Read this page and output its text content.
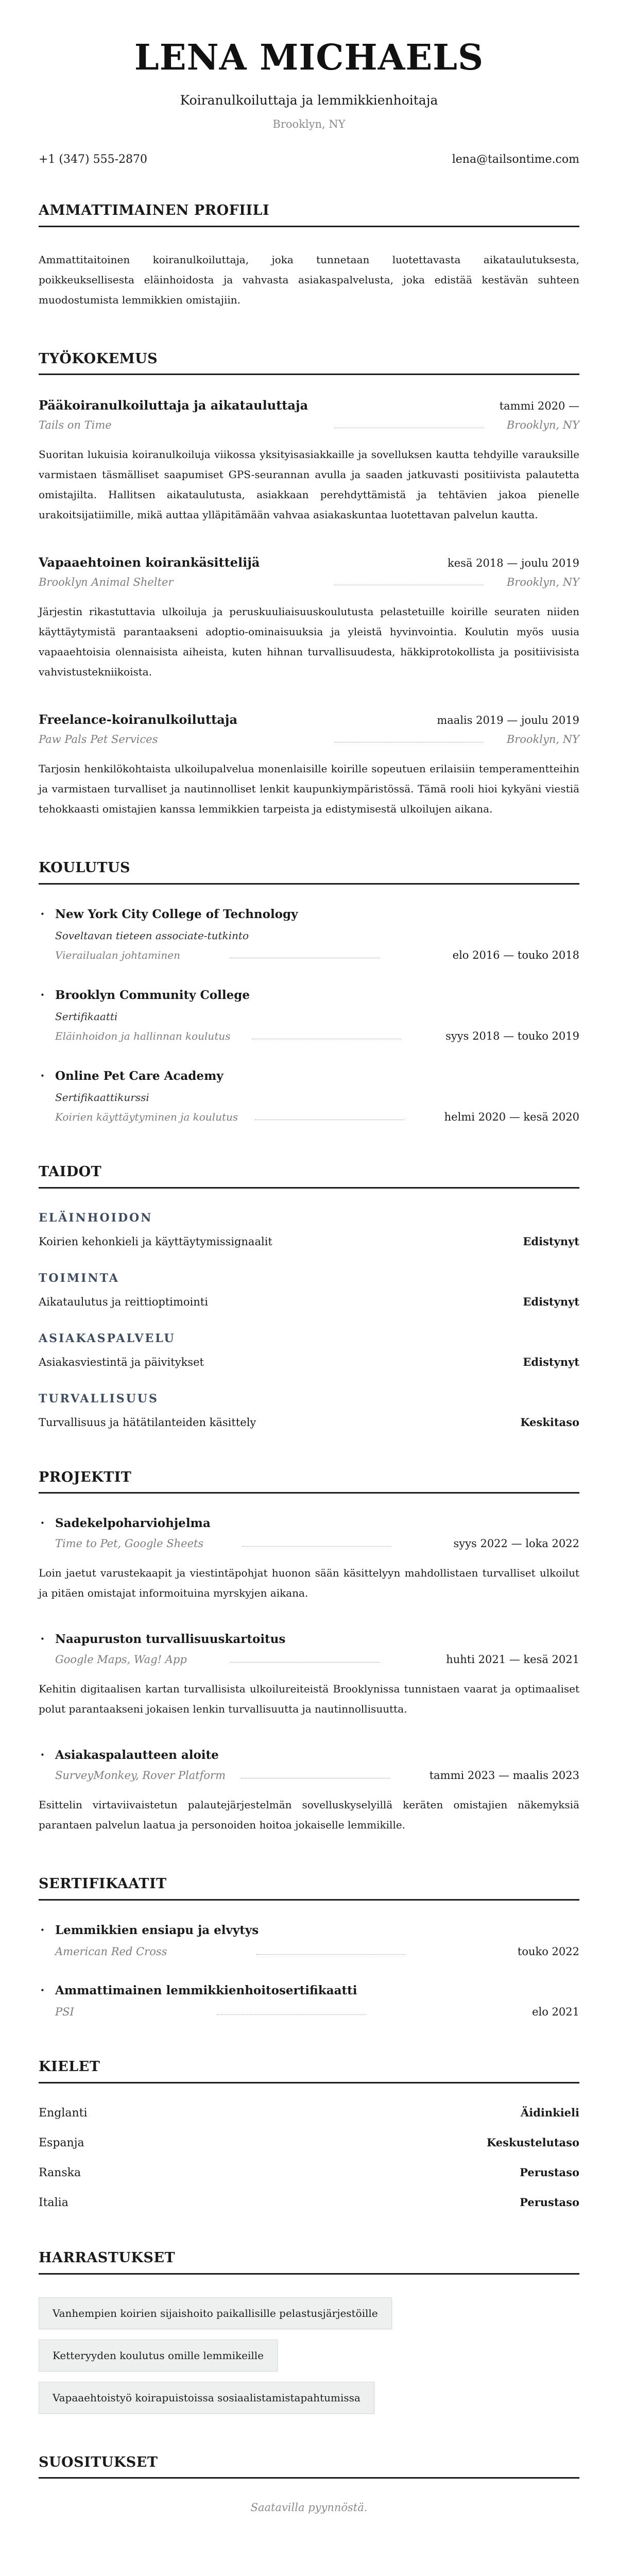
LENA MICHAELS
Koiranulkoiluttaja ja lemmikkienhoitaja
Brooklyn, NY
+1 (347) 555-2870	lena@tailsontime.com
AMMATTIMAINEN PROFIILI

Ammattitaitoinen koiranulkoiluttaja, joka tunnetaan luotettavasta aikataulutuksesta, poikkeuksellisesta eläinhoidosta ja vahvasta asiakaspalvelusta, joka edistää kestävän suhteen muodostumista lemmikkien omistajiin.

TYÖKOKEMUS
Pääkoiranulkoiluttaja ja aikatauluttaja	tammi 2020 —
Tails on Time	Brooklyn, NY

Suoritan lukuisia koiranulkoiluja viikossa yksityisasiakkaille ja sovelluksen kautta tehdyille varauksille varmistaen täsmälliset saapumiset GPS-seurannan avulla ja saaden jatkuvasti positiivista palautetta omistajilta. Hallitsen aikataulutusta, asiakkaan perehdyttämistä ja tehtävien jakoa pienelle urakoitsijatiimille, mikä auttaa ylläpitämään vahvaa asiakaskuntaa luotettavan palvelun kautta.

Vapaaehtoinen koirankäsittelijä	kesä 2018 — joulu 2019
Brooklyn Animal Shelter	Brooklyn, NY

Järjestin rikastuttavia ulkoiluja ja peruskuuliaisuuskoulutusta pelastetuille koirille seuraten niiden käyttäytymistä parantaakseni adoptio-ominaisuuksia ja yleistä hyvinvointia. Koulutin myös uusia vapaaehtoisia olennaisista aiheista, kuten hihnan turvallisuudesta, häkkiprotokollista ja positiivisista vahvistustekniikoista.

Freelance-koiranulkoiluttaja	maalis 2019 — joulu 2019
Paw Pals Pet Services	Brooklyn, NY

Tarjosin henkilökohtaista ulkoilupalvelua monenlaisille koirille sopeutuen erilaisiin temperamentteihin ja varmistaen turvalliset ja nautinnolliset lenkit kaupunkiympäristössä. Tämä rooli hioi kykyäni viestiä tehokkaasti omistajien kanssa lemmikkien tarpeista ja edistymisestä ulkoilujen aikana.

KOULUTUS
• New York City College of Technology
Soveltavan tieteen associate-tutkinto
Vierailualan johtaminen	elo 2016 — touko 2018
• Brooklyn Community College
Sertifikaatti
Eläinhoidon ja hallinnan koulutus	syys 2018 — touko 2019
• Online Pet Care Academy
Sertifikaattikurssi
Koirien käyttäytyminen ja koulutus	helmi 2020 — kesä 2020
TAIDOT
ELÄINHOIDON
Koirien kehonkieli ja käyttäytymissignaalit	Edistynyt
TOIMINTA
Aikataulutus ja reittioptimointi	Edistynyt
ASIAKASPALVELU
Asiakasviestintä ja päivitykset	Edistynyt
TURVALLISUUS
Turvallisuus ja hätätilanteiden käsittely	Keskitaso
PROJEKTIT
• Sadekelpoharviohjelma
Time to Pet, Google Sheets	syys 2022 — loka 2022

Loin jaetut varustekaapit ja viestintäpohjat huonon sään käsittelyyn mahdollistaen turvalliset ulkoilut ja pitäen omistajat informoituina myrskyjen aikana.

• Naapuruston turvallisuuskartoitus
Google Maps, Wag! App	huhti 2021 — kesä 2021

Kehitin digitaalisen kartan turvallisista ulkoilureiteistä Brooklynissa tunnistaen vaarat ja optimaaliset polut parantaakseni jokaisen lenkin turvallisuutta ja nautinnollisuutta.

• Asiakaspalautteen aloite
SurveyMonkey, Rover Platform	tammi 2023 — maalis 2023

Esittelin virtaviivaistetun palautejärjestelmän sovelluskyselyillä keräten omistajien näkemyksiä parantaen palvelun laatua ja personoiden hoitoa jokaiselle lemmikille.

SERTIFIKAATIT
• Lemmikkien ensiapu ja elvytys
American Red Cross	touko 2022
• Ammattimainen lemmikkienhoitosertifikaatti
PSI	elo 2021
KIELET
Englanti	Äidinkieli
Espanja	Keskustelutaso
Ranska	Perustaso
Italia	Perustaso
HARRASTUKSET
Vanhempien koirien sijaishoito paikallisille pelastusjärjestöille
Ketteryyden koulutus omille lemmikeille
Vapaaehtoistyö koirapuistoissa sosiaalistamistapahtumissa
SUOSITUKSET
Saatavilla pyynnöstä.
